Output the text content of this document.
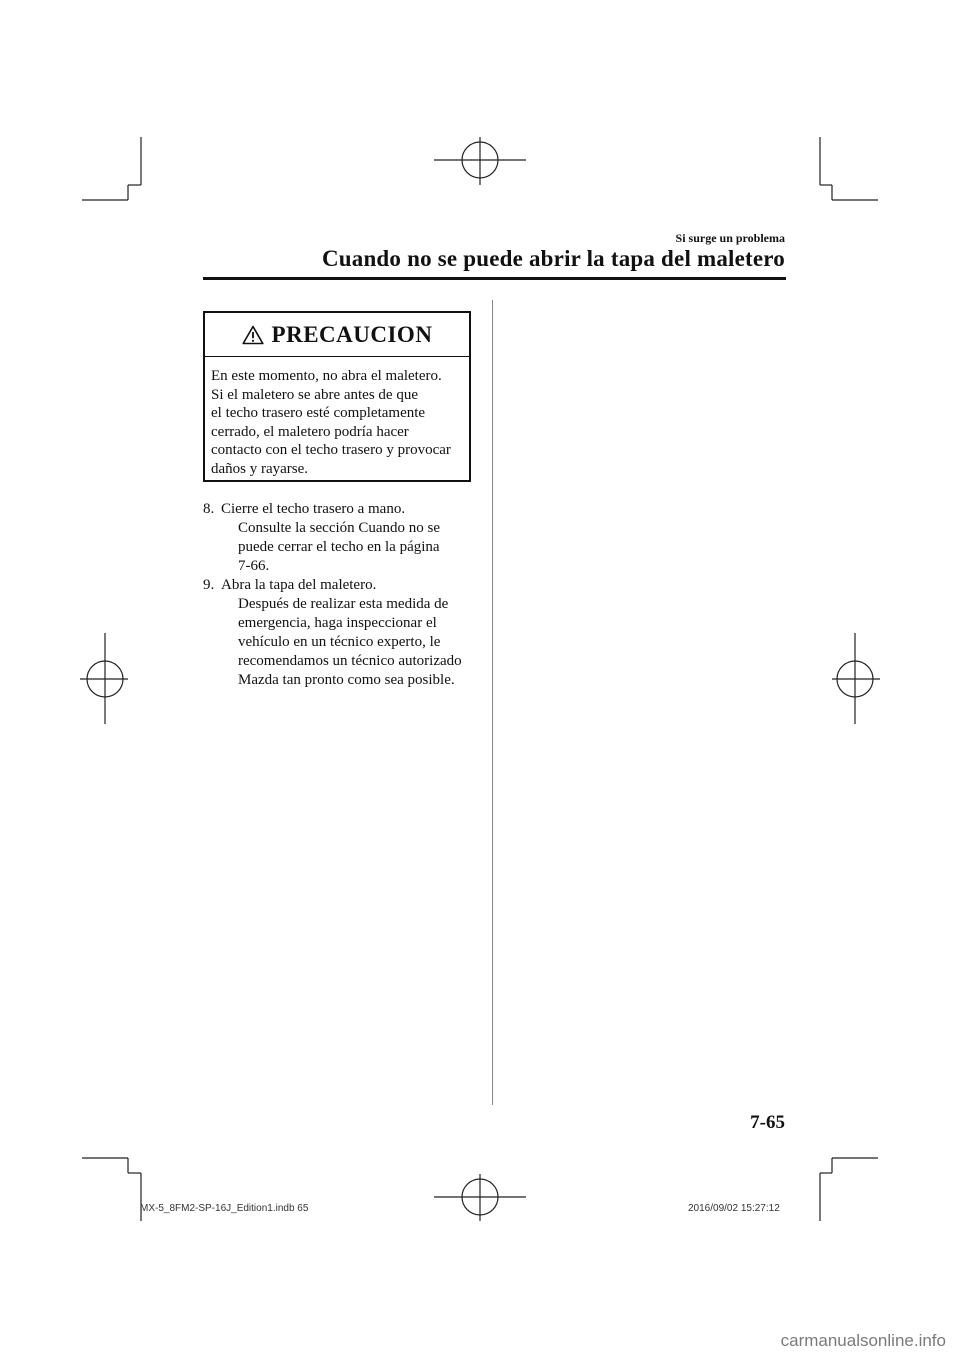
Si surge un problema
Cuando no se puede abrir la tapa del maletero
PRECAUCION
En este momento, no abra el maletero.
Si el maletero se abre antes de que
el techo trasero esté completamente
cerrado, el maletero podría hacer
contacto con el techo trasero y provocar
daños y rayarse.
8. Cierre el techo trasero a mano.
Consulte la sección Cuando no se
puede cerrar el techo en la página
7-66.
9. Abra la tapa del maletero.
Después de realizar esta medida de
emergencia, haga inspeccionar el
vehículo en un técnico experto, le
recomendamos un técnico autorizado
Mazda tan pronto como sea posible.
7-65
MX-5_8FM2-SP-16J_Edition1.indb 65	2016/09/02 15:27:12
carmanualsonline.info
